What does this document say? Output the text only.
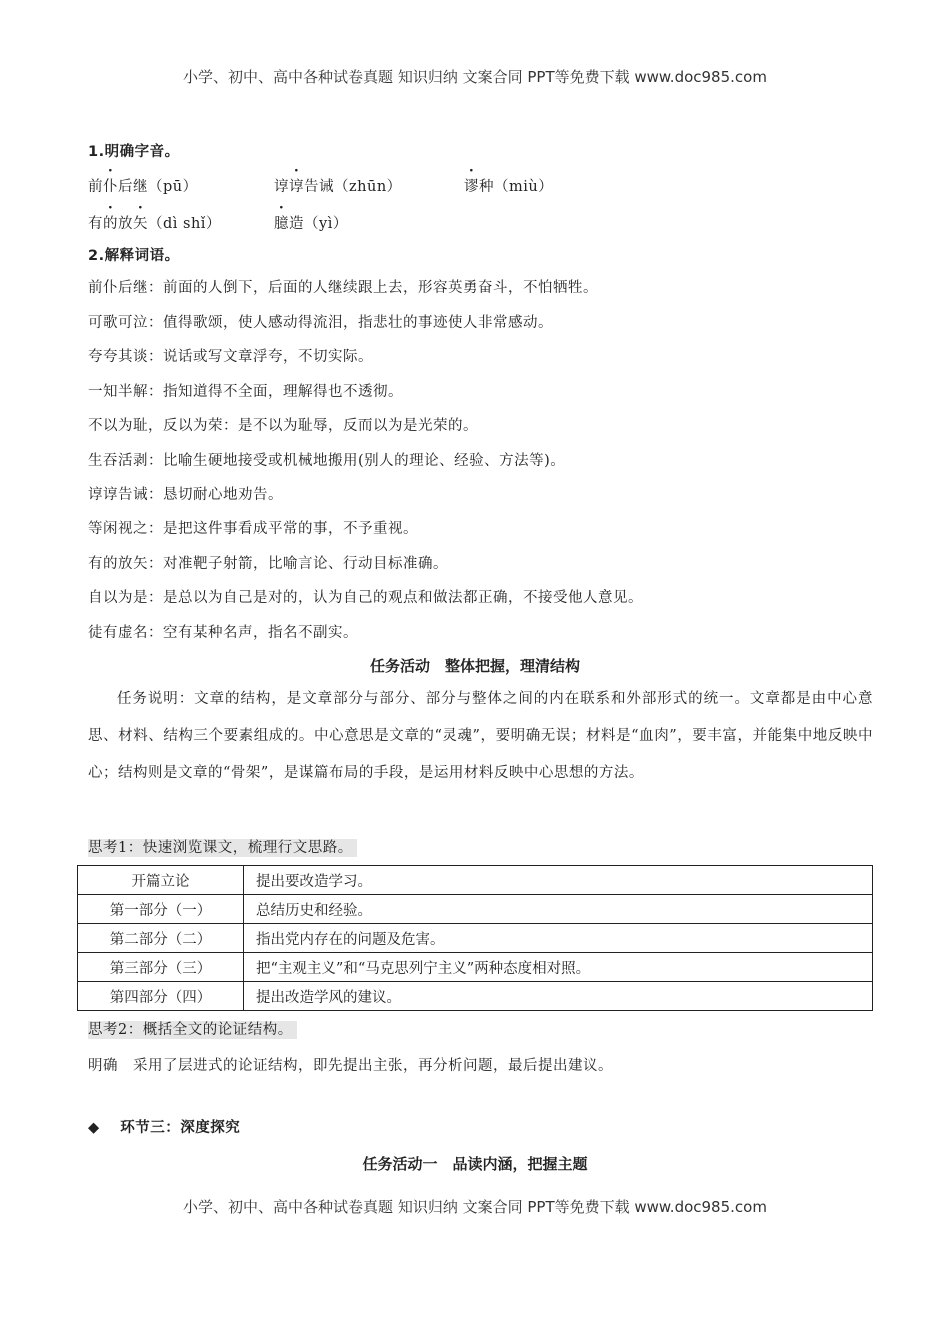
小学、初中、高中各种试卷真题 知识归纳 文案合同 PPT等免费下载 www.doc985.com
1.明确字音。
前仆后继（pū）	谆谆告诫（zhūn）	谬种（miù）
有的放矢（dì shǐ）	臆造（yì）
2.解释词语。
前仆后继：前面的人倒下，后面的人继续跟上去，形容英勇奋斗，不怕牺牲。
可歌可泣：值得歌颂，使人感动得流泪，指悲壮的事迹使人非常感动。
夸夸其谈：说话或写文章浮夸，不切实际。
一知半解：指知道得不全面，理解得也不透彻。
不以为耻，反以为荣：是不以为耻辱，反而以为是光荣的。
生吞活剥：比喻生硬地接受或机械地搬用(别人的理论、经验、方法等)。
谆谆告诫：恳切耐心地劝告。
等闲视之：是把这件事看成平常的事，不予重视。
有的放矢：对准靶子射箭，比喻言论、行动目标准确。
自以为是：是总以为自己是对的，认为自己的观点和做法都正确，不接受他人意见。
徒有虚名：空有某种名声，指名不副实。
任务活动　整体把握，理清结构
任务说明：文章的结构，是文章部分与部分、部分与整体之间的内在联系和外部形式的统一。文章都是由中心意思、材料、结构三个要素组成的。中心意思是文章的“灵魂”，要明确无误；材料是“血肉”，要丰富，并能集中地反映中心；结构则是文章的“骨架”，是谋篇布局的手段，是运用材料反映中心思想的方法。
思考1：快速浏览课文，梳理行文思路。
开篇立论	提出要改造学习。
第一部分（一）	总结历史和经验。
第二部分（二）	指出党内存在的问题及危害。
第三部分（三）	把“主观主义”和“马克思列宁主义”两种态度相对照。
第四部分（四）	提出改造学风的建议。
思考2：概括全文的论证结构。
明确　采用了层进式的论证结构，即先提出主张，再分析问题，最后提出建议。
◆　 环节三：深度探究
任务活动一　品读内涵，把握主题
小学、初中、高中各种试卷真题 知识归纳 文案合同 PPT等免费下载 www.doc985.com
